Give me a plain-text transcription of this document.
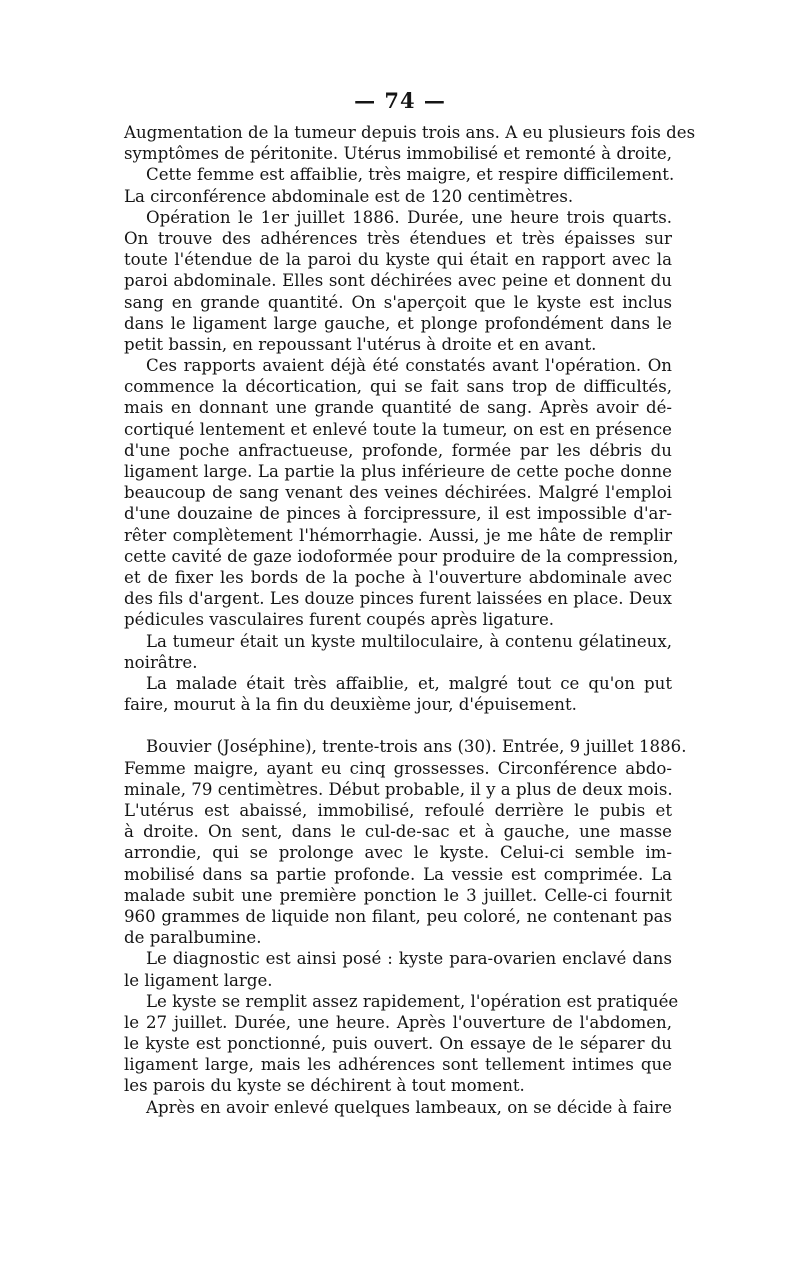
— 74 —
Augmentation de la tumeur depuis trois ans. A eu plusieurs fois des
symptômes de péritonite. Utérus immobilisé et remonté à droite,
Cette femme est affaiblie, très maigre, et respire difficilement.
La circonférence abdominale est de 120 centimètres.
Opération le 1er juillet 1886. Durée, une heure trois quarts.
On trouve des adhérences très étendues et très épaisses sur
toute l'étendue de la paroi du kyste qui était en rapport avec la
paroi abdominale. Elles sont déchirées avec peine et donnent du
sang en grande quantité. On s'aperçoit que le kyste est inclus
dans le ligament large gauche, et plonge profondément dans le
petit bassin, en repoussant l'utérus à droite et en avant.
Ces rapports avaient déjà été constatés avant l'opération. On
commence la décortication, qui se fait sans trop de difficultés,
mais en donnant une grande quantité de sang. Après avoir dé-
cortiqué lentement et enlevé toute la tumeur, on est en présence
d'une poche anfractueuse, profonde, formée par les débris du
ligament large. La partie la plus inférieure de cette poche donne
beaucoup de sang venant des veines déchirées. Malgré l'emploi
d'une douzaine de pinces à forcipressure, il est impossible d'ar-
rêter complètement l'hémorrhagie. Aussi, je me hâte de remplir
cette cavité de gaze iodoformée pour produire de la compression,
et de fixer les bords de la poche à l'ouverture abdominale avec
des fils d'argent. Les douze pinces furent laissées en place. Deux
pédicules vasculaires furent coupés après ligature.
La tumeur était un kyste multiloculaire, à contenu gélatineux,
noirâtre.
La malade était très affaiblie, et, malgré tout ce qu'on put
faire, mourut à la fin du deuxième jour, d'épuisement.
Bouvier (Joséphine), trente-trois ans (30). Entrée, 9 juillet 1886.
Femme maigre, ayant eu cinq grossesses. Circonférence abdo-
minale, 79 centimètres. Début probable, il y a plus de deux mois.
L'utérus est abaissé, immobilisé, refoulé derrière le pubis et
à droite. On sent, dans le cul-de-sac et à gauche, une masse
arrondie, qui se prolonge avec le kyste. Celui-ci semble im-
mobilisé dans sa partie profonde. La vessie est comprimée. La
malade subit une première ponction le 3 juillet. Celle-ci fournit
960 grammes de liquide non filant, peu coloré, ne contenant pas
de paralbumine.
Le diagnostic est ainsi posé : kyste para-ovarien enclavé dans
le ligament large.
Le kyste se remplit assez rapidement, l'opération est pratiquée
le 27 juillet. Durée, une heure. Après l'ouverture de l'abdomen,
le kyste est ponctionné, puis ouvert. On essaye de le séparer du
ligament large, mais les adhérences sont tellement intimes que
les parois du kyste se déchirent à tout moment.
Après en avoir enlevé quelques lambeaux, on se décide à faire
